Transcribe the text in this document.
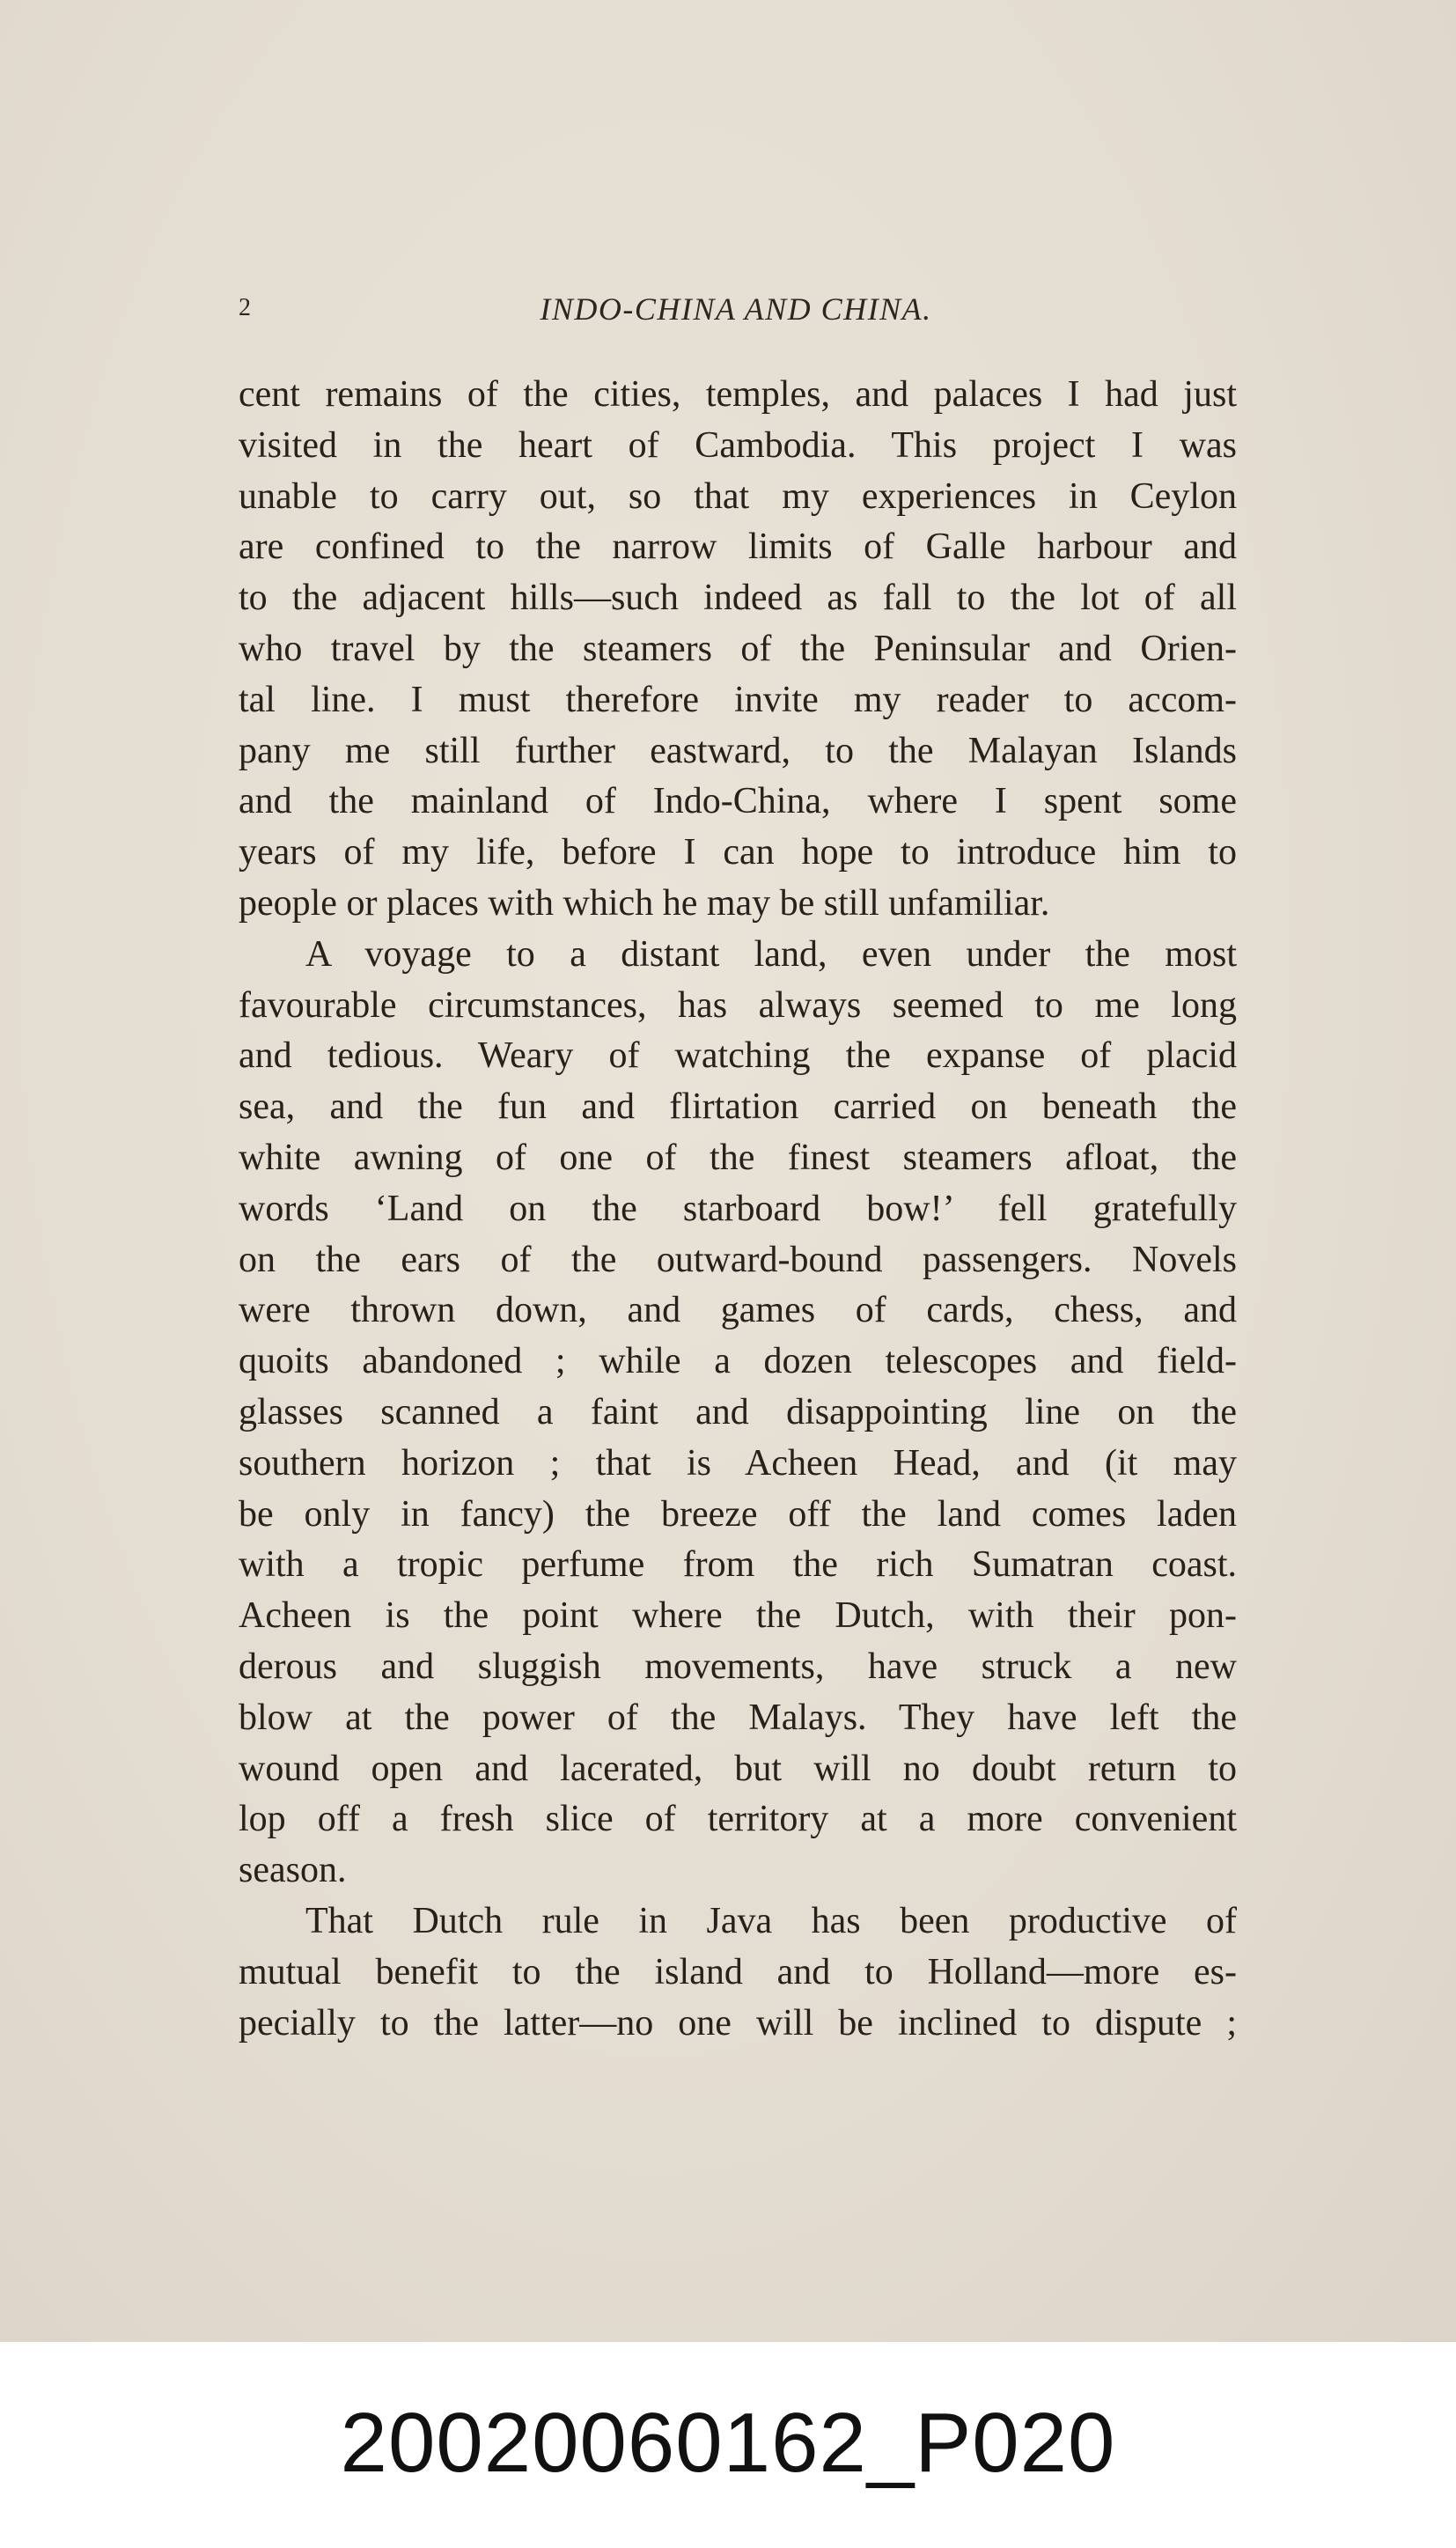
2	INDO-CHINA AND CHINA.
cent remains of the cities, temples, and palaces I had just
visited in the heart of Cambodia. This project I was
unable to carry out, so that my experiences in Ceylon
are confined to the narrow limits of Galle harbour and
to the adjacent hills—such indeed as fall to the lot of all
who travel by the steamers of the Peninsular and Orien-
tal line. I must therefore invite my reader to accom-
pany me still further eastward, to the Malayan Islands
and the mainland of Indo-China, where I spent some
years of my life, before I can hope to introduce him to
people or places with which he may be still unfamiliar.
A voyage to a distant land, even under the most
favourable circumstances, has always seemed to me long
and tedious. Weary of watching the expanse of placid
sea, and the fun and flirtation carried on beneath the
white awning of one of the finest steamers afloat, the
words ‘Land on the starboard bow!’ fell gratefully
on the ears of the outward-bound passengers. Novels
were thrown down, and games of cards, chess, and
quoits abandoned ; while a dozen telescopes and field-
glasses scanned a faint and disappointing line on the
southern horizon ; that is Acheen Head, and (it may
be only in fancy) the breeze off the land comes laden
with a tropic perfume from the rich Sumatran coast.
Acheen is the point where the Dutch, with their pon-
derous and sluggish movements, have struck a new
blow at the power of the Malays. They have left the
wound open and lacerated, but will no doubt return to
lop off a fresh slice of territory at a more convenient
season.
That Dutch rule in Java has been productive of
mutual benefit to the island and to Holland—more es-
pecially to the latter—no one will be inclined to dispute ;
20020060162_P020
